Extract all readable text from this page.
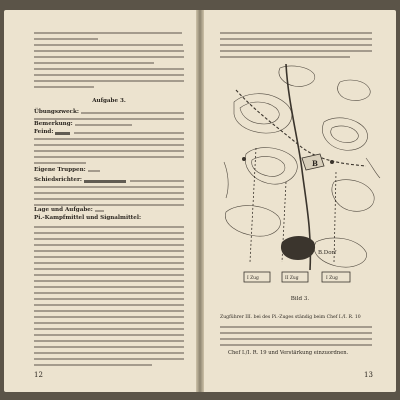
Aufgabe 3.
Bemerkung:
Übungszweck:
Feind:
Eigene Truppen:
Schiedsrichter:
Pi.-Kampfmittel und Signalmittel:
Lage und Aufgabe:
12
B
B.Dorf
I Zug	II Zug	I Zug
Bild 3.
Zugführer III. bei des Pi.-Zuges ständig beim Chef I./I. R. 10
Chef I./I. R. 19 und Verstärkung einzuordnen.
13
